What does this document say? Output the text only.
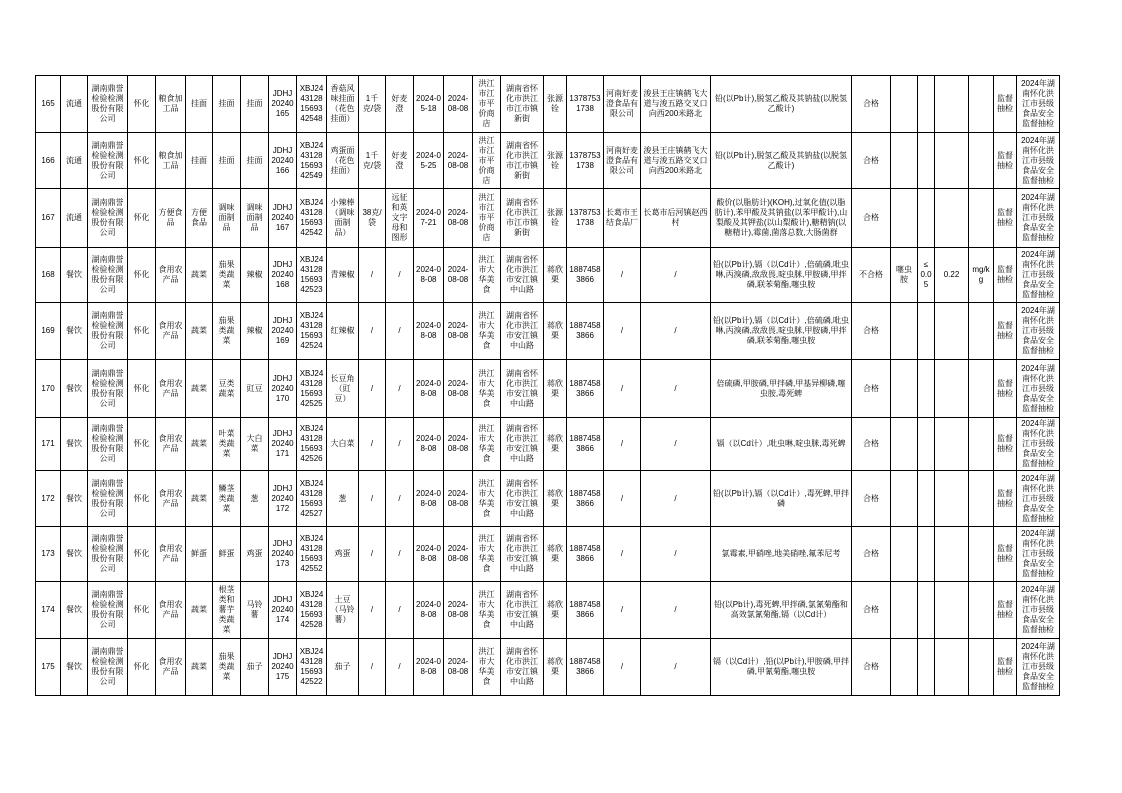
165	流通	湖南鼎誉检验检测股份有限公司	怀化	粮食加工品	挂面	挂面	挂面	JDHJ20240165	XBJ24431281569342548	香菇风味挂面（花色挂面）	1千克/袋	好麦澄	2024-05-18	2024-08-08	洪江市江市平价商店	湖南省怀化市洪江市江市镇新街	张源铨	13787531738	河南好麦澄食品有限公司	浚县王庄镇鹤飞大道与浚五路交叉口向西200米路北	铅(以Pb计),脱氢乙酸及其钠盐(以脱氢乙酸计)	合格					监督抽检	2024年湖南怀化洪江市县级食品安全监督抽检
166	流通	湖南鼎誉检验检测股份有限公司	怀化	粮食加工品	挂面	挂面	挂面	JDHJ20240166	XBJ24431281569342549	鸡蛋面（花色挂面）	1千克/袋	好麦澄	2024-05-25	2024-08-08	洪江市江市平价商店	湖南省怀化市洪江市江市镇新街	张源铨	13787531738	河南好麦澄食品有限公司	浚县王庄镇鹤飞大道与浚五路交叉口向西200米路北	铅(以Pb计),脱氢乙酸及其钠盐(以脱氢乙酸计)	合格					监督抽检	2024年湖南怀化洪江市县级食品安全监督抽检
167	流通	湖南鼎誉检验检测股份有限公司	怀化	方便食品	方便食品	调味面制品	调味面制品	JDHJ20240167	XBJ24431281569342542	小辣棒（调味面制品）	38克/袋	远征和英文字母和图形	2024-07-21	2024-08-08	洪江市江市平价商店	湖南省怀化市洪江市江市镇新街	张源铨	13787531738	长葛市王结食品厂	长葛市后河镇赵西村	酸价(以脂肪计)(KOH),过氧化值(以脂肪计),苯甲酸及其钠盐(以苯甲酸计),山梨酸及其钾盐(以山梨酸计),糖精钠(以糖精计),霉菌,菌落总数,大肠菌群	合格					监督抽检	2024年湖南怀化洪江市县级食品安全监督抽检
168	餐饮	湖南鼎誉检验检测股份有限公司	怀化	食用农产品	蔬菜	茄果类蔬菜	辣椒	JDHJ20240168	XBJ24431281569342523	青辣椒	/	/	2024-08-08	2024-08-08	洪江市大华美食	湖南省怀化市洪江市安江镇中山路	蒋欣栗	18874583866	/	/	铅(以Pb计),镉（以Cd计）,倍硫磷,吡虫啉,丙溴磷,敌敌畏,啶虫脒,甲胺磷,甲拌磷,联苯菊酯,噻虫胺	不合格	噻虫胺	≤ 0.05	0.22	mg/kg	监督抽检	2024年湖南怀化洪江市县级食品安全监督抽检
169	餐饮	湖南鼎誉检验检测股份有限公司	怀化	食用农产品	蔬菜	茄果类蔬菜	辣椒	JDHJ20240169	XBJ24431281569342524	红辣椒	/	/	2024-08-08	2024-08-08	洪江市大华美食	湖南省怀化市洪江市安江镇中山路	蒋欣栗	18874583866	/	/	铅(以Pb计),镉（以Cd计）,倍硫磷,吡虫啉,丙溴磷,敌敌畏,啶虫脒,甲胺磷,甲拌磷,联苯菊酯,噻虫胺	合格					监督抽检	2024年湖南怀化洪江市县级食品安全监督抽检
170	餐饮	湖南鼎誉检验检测股份有限公司	怀化	食用农产品	蔬菜	豆类蔬菜	豇豆	JDHJ20240170	XBJ24431281569342525	长豆角（豇豆）	/	/	2024-08-08	2024-08-08	洪江市大华美食	湖南省怀化市洪江市安江镇中山路	蒋欣栗	18874583866	/	/	倍硫磷,甲胺磷,甲拌磷,甲基异柳磷,噻虫胺,毒死蜱	合格					监督抽检	2024年湖南怀化洪江市县级食品安全监督抽检
171	餐饮	湖南鼎誉检验检测股份有限公司	怀化	食用农产品	蔬菜	叶菜类蔬菜	大白菜	JDHJ20240171	XBJ24431281569342526	大白菜	/	/	2024-08-08	2024-08-08	洪江市大华美食	湖南省怀化市洪江市安江镇中山路	蒋欣栗	18874583866	/	/	镉（以Cd计）,吡虫啉,啶虫脒,毒死蜱	合格					监督抽检	2024年湖南怀化洪江市县级食品安全监督抽检
172	餐饮	湖南鼎誉检验检测股份有限公司	怀化	食用农产品	蔬菜	鳞茎类蔬菜	葱	JDHJ20240172	XBJ24431281569342527	葱	/	/	2024-08-08	2024-08-08	洪江市大华美食	湖南省怀化市洪江市安江镇中山路	蒋欣栗	18874583866	/	/	铅(以Pb计),镉（以Cd计）,毒死蜱,甲拌磷	合格					监督抽检	2024年湖南怀化洪江市县级食品安全监督抽检
173	餐饮	湖南鼎誉检验检测股份有限公司	怀化	食用农产品	鲜蛋	鲜蛋	鸡蛋	JDHJ20240173	XBJ24431281569342552	鸡蛋	/	/	2024-08-08	2024-08-08	洪江市大华美食	湖南省怀化市洪江市安江镇中山路	蒋欣栗	18874583866	/	/	氯霉素,甲硝唑,地美硝唑,氟苯尼考	合格					监督抽检	2024年湖南怀化洪江市县级食品安全监督抽检
174	餐饮	湖南鼎誉检验检测股份有限公司	怀化	食用农产品	蔬菜	根茎类和薯芋类蔬菜	马铃薯	JDHJ20240174	XBJ24431281569342528	土豆（马铃薯）	/	/	2024-08-08	2024-08-08	洪江市大华美食	湖南省怀化市洪江市安江镇中山路	蒋欣栗	18874583866	/	/	铅(以Pb计),毒死蜱,甲拌磷,氯氰菊酯和高效氯氰菊酯,镉（以Cd计）	合格					监督抽检	2024年湖南怀化洪江市县级食品安全监督抽检
175	餐饮	湖南鼎誉检验检测股份有限公司	怀化	食用农产品	蔬菜	茄果类蔬菜	茄子	JDHJ20240175	XBJ24431281569342522	茄子	/	/	2024-08-08	2024-08-08	洪江市大华美食	湖南省怀化市洪江市安江镇中山路	蒋欣栗	18874583866	/	/	镉（以Cd计）,铅(以Pb计),甲胺磷,甲拌磷,甲氰菊酯,噻虫胺	合格					监督抽检	2024年湖南怀化洪江市县级食品安全监督抽检
